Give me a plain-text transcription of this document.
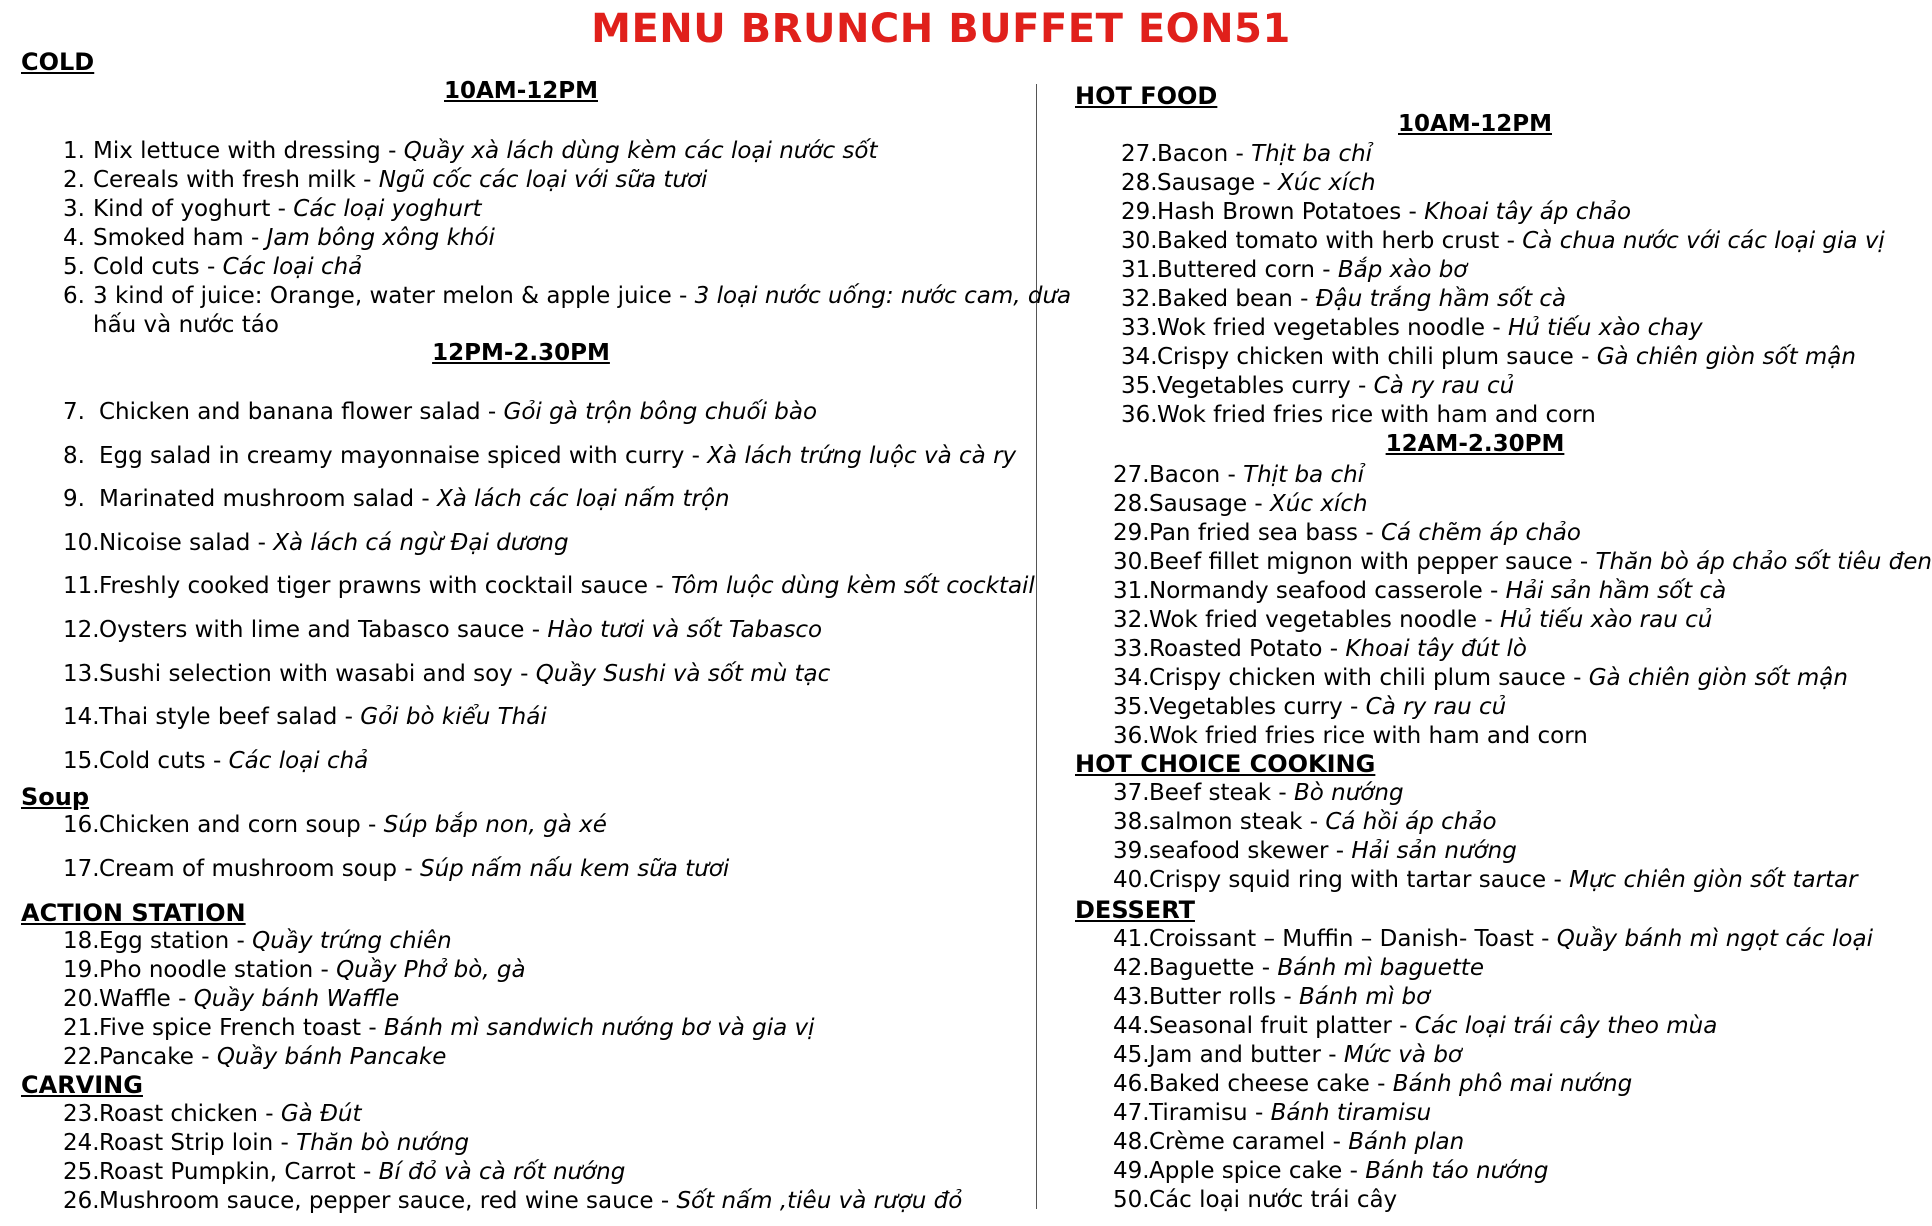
MENU BRUNCH BUFFET EON51
COLD
10AM-12PM
12PM-2.30PM
Soup
ACTION STATION
CARVING
1. Mix lettuce with dressing - Quầy xà lách dùng kèm các loại nước sốt
2. Cereals with fresh milk - Ngũ cốc các loại với sữa tươi
3. Kind of yoghurt - Các loại yoghurt
4. Smoked ham - Jam bông xông khói
5. Cold cuts - Các loại chả
6. 3 kind of juice: Orange, water melon & apple juice - 3 loại nước uống: nước cam, dưa
hấu và nước táo
7. Chicken and banana flower salad - Gỏi gà trộn bông chuối bào
8. Egg salad in creamy mayonnaise spiced with curry - Xà lách trứng luộc và cà ry
9. Marinated mushroom salad - Xà lách các loại nấm trộn
10.Nicoise salad - Xà lách cá ngừ Đại dương
11.Freshly cooked tiger prawns with cocktail sauce - Tôm luộc dùng kèm sốt cocktail
12.Oysters with lime and Tabasco sauce - Hào tươi và sốt Tabasco
13.Sushi selection with wasabi and soy - Quầy Sushi và sốt mù tạc
14.Thai style beef salad - Gỏi bò kiểu Thái
15.Cold cuts - Các loại chả
16.Chicken and corn soup - Súp bắp non, gà xé
17.Cream of mushroom soup - Súp nấm nấu kem sữa tươi
18.Egg station - Quầy trứng chiên
19.Pho noodle station - Quầy Phở bò, gà
20.Waffle - Quầy bánh Waffle
21.Five spice French toast - Bánh mì sandwich nướng bơ và gia vị
22.Pancake - Quầy bánh Pancake
23.Roast chicken - Gà Đút
24.Roast Strip loin - Thăn bò nướng
25.Roast Pumpkin, Carrot - Bí đỏ và cà rốt nướng
26.Mushroom sauce, pepper sauce, red wine sauce - Sốt nấm ,tiêu và rượu đỏ
HOT FOOD
10AM-12PM
12AM-2.30PM
HOT CHOICE COOKING
DESSERT
27.Bacon - Thịt ba chỉ
28.Sausage - Xúc xích
29.Hash Brown Potatoes - Khoai tây áp chảo
30.Baked tomato with herb crust - Cà chua nước với các loại gia vị
31.Buttered corn - Bắp xào bơ
32.Baked bean - Đậu trắng hầm sốt cà
33.Wok fried vegetables noodle - Hủ tiếu xào chay
34.Crispy chicken with chili plum sauce - Gà chiên giòn sốt mận
35.Vegetables curry - Cà ry rau củ
36.Wok fried fries rice with ham and corn
27.Bacon - Thịt ba chỉ
28.Sausage - Xúc xích
29.Pan fried sea bass - Cá chẽm áp chảo
30.Beef fillet mignon with pepper sauce - Thăn bò áp chảo sốt tiêu đen
31.Normandy seafood casserole - Hải sản hầm sốt cà
32.Wok fried vegetables noodle - Hủ tiếu xào rau củ
33.Roasted Potato - Khoai tây đút lò
34.Crispy chicken with chili plum sauce - Gà chiên giòn sốt mận
35.Vegetables curry - Cà ry rau củ
36.Wok fried fries rice with ham and corn
37.Beef steak - Bò nướng
38.salmon steak - Cá hồi áp chảo
39.seafood skewer - Hải sản nướng
40.Crispy squid ring with tartar sauce - Mực chiên giòn sốt tartar
41.Croissant – Muffin – Danish- Toast - Quầy bánh mì ngọt các loại
42.Baguette - Bánh mì baguette
43.Butter rolls - Bánh mì bơ
44.Seasonal fruit platter - Các loại trái cây theo mùa
45.Jam and butter - Mức và bơ
46.Baked cheese cake - Bánh phô mai nướng
47.Tiramisu - Bánh tiramisu
48.Crème caramel - Bánh plan
49.Apple spice cake - Bánh táo nướng
50.Các loại nước trái cây
